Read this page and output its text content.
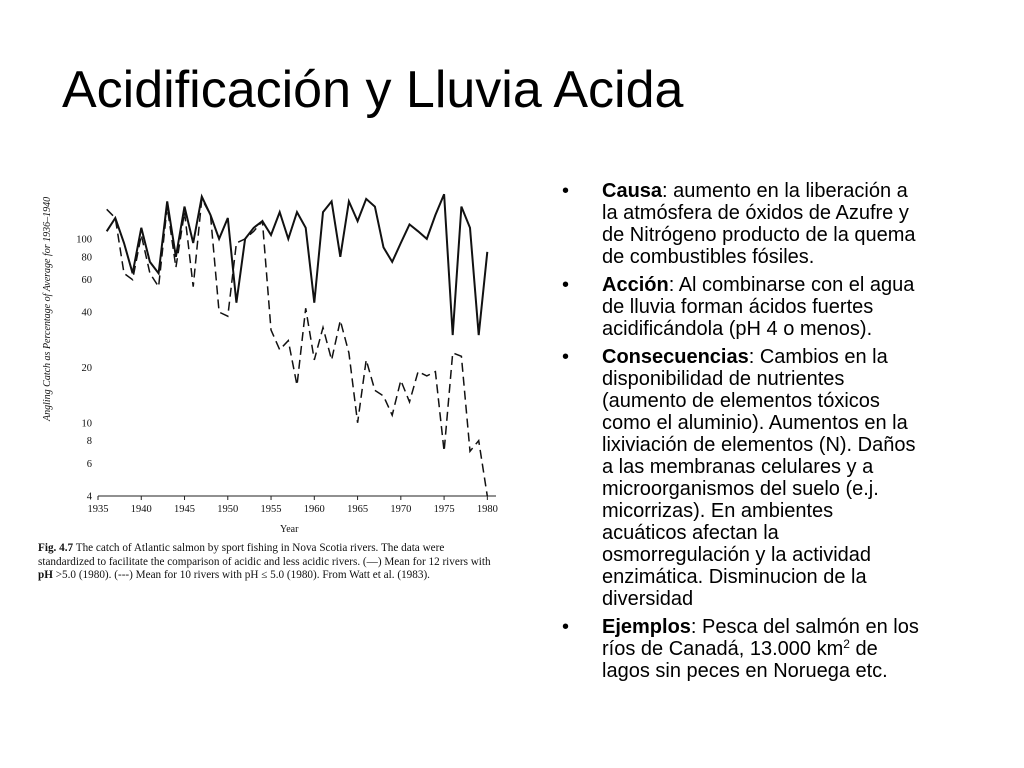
Acidificación y Lluvia Acida
Angling Catch as Percentage of Average for 1936–1940
4
6
8
10
20
40
60
80
100
1935 1940 1945 1950 1955 1960 1965 1970 1975 1980
Year
Fig. 4.7 The catch of Atlantic salmon by sport fishing in Nova Scotia rivers. The data were
standardized to facilitate the comparison of acidic and less acidic rivers. (—) Mean for 12 rivers with
pH >5.0 (1980). (---) Mean for 10 rivers with pH ≤ 5.0 (1980). From Watt et al. (1983).
• Causa: aumento en la liberación a
la atmósfera de óxidos de Azufre y
de Nitrógeno producto de la quema
de combustibles fósiles.
• Acción: Al combinarse con el agua
de lluvia forman ácidos fuertes
acidificándola (pH 4 o menos).
• Consecuencias: Cambios en la
disponibilidad de nutrientes
(aumento de elementos tóxicos
como el aluminio). Aumentos en la
lixiviación de elementos (N). Daños
a las membranas celulares y a
microorganismos del suelo (e.j.
micorrizas). En ambientes
acuáticos afectan la
osmorregulación y la actividad
enzimática. Disminucion de la
diversidad
• Ejemplos: Pesca del salmón en los
ríos de Canadá, 13.000 $km^2$ de
lagos sin peces en Noruega etc.
